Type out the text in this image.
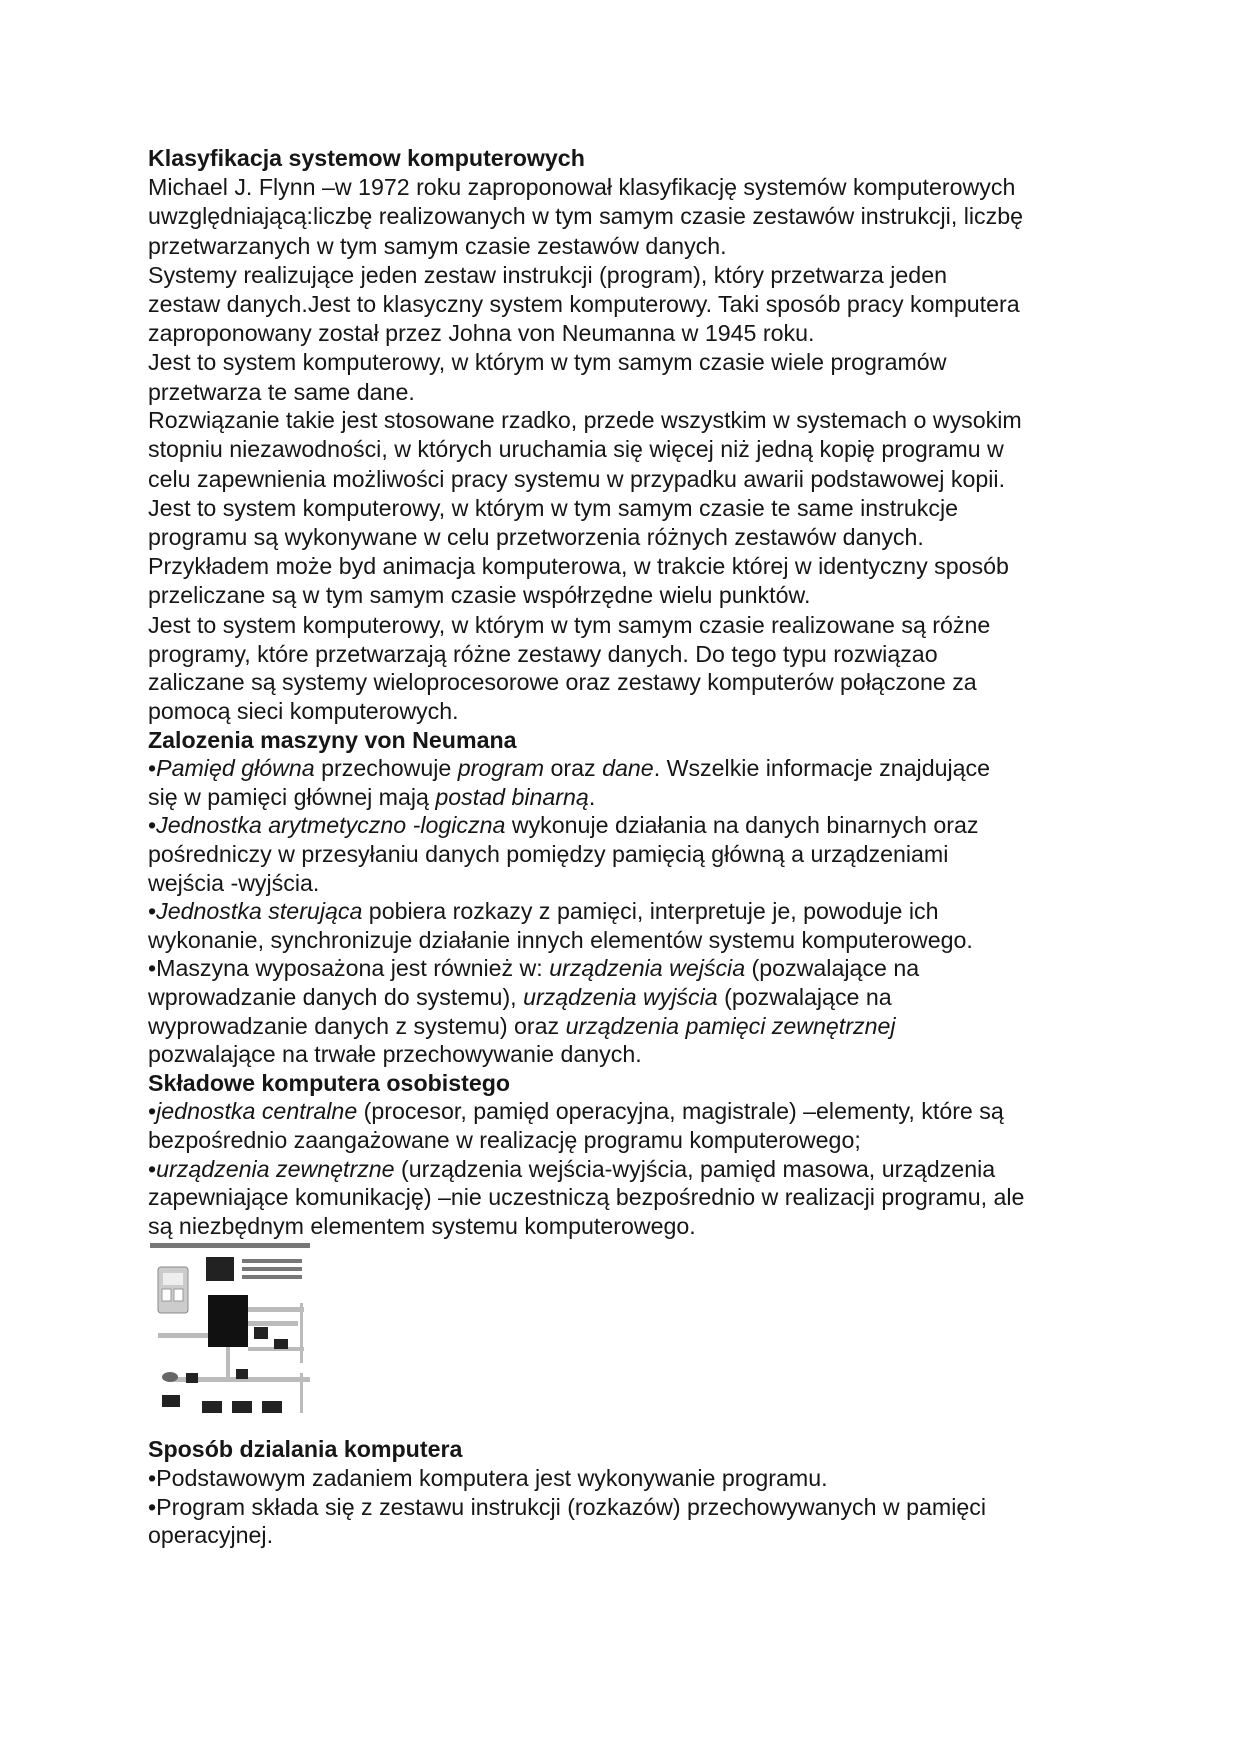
Klasyfikacja systemow komputerowych

Michael J. Flynn –w 1972 roku zaproponował klasyfikację systemów komputerowych

uwzględniającą:liczbę realizowanych w tym samym czasie zestawów instrukcji, liczbę

przetwarzanych w tym samym czasie zestawów danych.

Systemy realizujące jeden zestaw instrukcji (program), który przetwarza jeden

zestaw danych.Jest to klasyczny system komputerowy. Taki sposób pracy komputera

zaproponowany został przez Johna von Neumanna w 1945 roku.

Jest to system komputerowy, w którym w tym samym czasie wiele programów

przetwarza te same dane.

Rozwiązanie takie jest stosowane rzadko, przede wszystkim w systemach o wysokim

stopniu niezawodności, w których uruchamia się więcej niż jedną kopię programu w

celu zapewnienia możliwości pracy systemu w przypadku awarii podstawowej kopii.

Jest to system komputerowy, w którym w tym samym czasie te same instrukcje

programu są wykonywane w celu przetworzenia różnych zestawów danych.

Przykładem może byd animacja komputerowa, w trakcie której w identyczny sposób

przeliczane są w tym samym czasie współrzędne wielu punktów.

Jest to system komputerowy, w którym w tym samym czasie realizowane są różne

programy, które przetwarzają różne zestawy danych. Do tego typu rozwiązao

zaliczane są systemy wieloprocesorowe oraz zestawy komputerów połączone za

pomocą sieci komputerowych.

Zalozenia maszyny von Neumana

•Pamięd główna przechowuje program oraz dane. Wszelkie informacje znajdujące

się w pamięci głównej mają postad binarną.

•Jednostka arytmetyczno -logiczna wykonuje działania na danych binarnych oraz

pośredniczy w przesyłaniu danych pomiędzy pamięcią główną a urządzeniami

wejścia -wyjścia.

•Jednostka sterująca pobiera rozkazy z pamięci, interpretuje je, powoduje ich

wykonanie, synchronizuje działanie innych elementów systemu komputerowego.

•Maszyna wyposażona jest również w: urządzenia wejścia (pozwalające na

wprowadzanie danych do systemu), urządzenia wyjścia (pozwalające na

wyprowadzanie danych z systemu) oraz urządzenia pamięci zewnętrznej

pozwalające na trwałe przechowywanie danych.

Składowe komputera osobistego

•jednostka centralne (procesor, pamięd operacyjna, magistrale) –elementy, które są

bezpośrednio zaangażowane w realizację programu komputerowego;

•urządzenia zewnętrzne (urządzenia wejścia-wyjścia, pamięd masowa, urządzenia

zapewniające komunikację) –nie uczestniczą bezpośrednio w realizacji programu, ale

są niezbędnym elementem systemu komputerowego.

Sposób dzialania komputera

•Podstawowym zadaniem komputera jest wykonywanie programu.

•Program składa się z zestawu instrukcji (rozkazów) przechowywanych w pamięci

operacyjnej.
